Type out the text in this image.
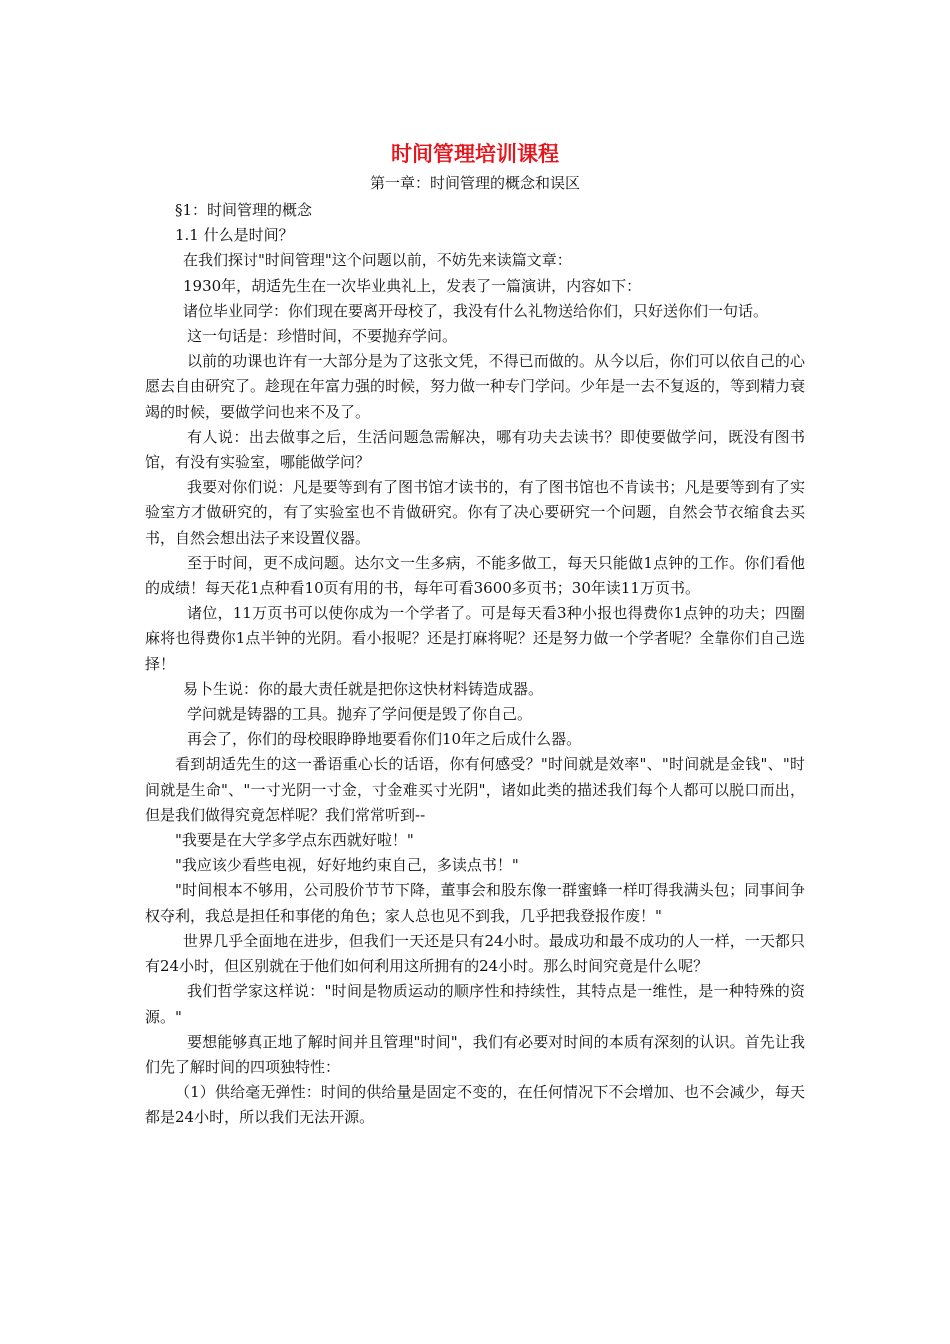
时间管理培训课程

第一章：时间管理的概念和误区

§1：时间管理的概念

1.1 什么是时间？

在我们探讨"时间管理"这个问题以前，不妨先来读篇文章：

1930年，胡适先生在一次毕业典礼上，发表了一篇演讲，内容如下：

诸位毕业同学：你们现在要离开母校了，我没有什么礼物送给你们，只好送你们一句话。

这一句话是：珍惜时间，不要抛弃学问。

以前的功课也许有一大部分是为了这张文凭，不得已而做的。从今以后，你们可以依自己的心愿去自由研究了。趁现在年富力强的时候，努力做一种专门学问。少年是一去不复返的，等到精力衰竭的时候，要做学问也来不及了。

有人说：出去做事之后，生活问题急需解决，哪有功夫去读书？即使要做学问，既没有图书馆，有没有实验室，哪能做学问？

我要对你们说：凡是要等到有了图书馆才读书的，有了图书馆也不肯读书；凡是要等到有了实验室方才做研究的，有了实验室也不肯做研究。你有了决心要研究一个问题，自然会节衣缩食去买书，自然会想出法子来设置仪器。

至于时间，更不成问题。达尔文一生多病，不能多做工，每天只能做1点钟的工作。你们看他的成绩！每天花1点种看10页有用的书，每年可看3600多页书；30年读11万页书。

诸位，11万页书可以使你成为一个学者了。可是每天看3种小报也得费你1点钟的功夫；四圈麻将也得费你1点半钟的光阴。看小报呢？还是打麻将呢？还是努力做一个学者呢？全靠你们自己选择！

易卜生说：你的最大责任就是把你这快材料铸造成器。

学问就是铸器的工具。抛弃了学问便是毁了你自己。

再会了，你们的母校眼睁睁地要看你们10年之后成什么器。

看到胡适先生的这一番语重心长的话语，你有何感受？"时间就是效率"、"时间就是金钱"、"时间就是生命"、"一寸光阴一寸金，寸金难买寸光阴"，诸如此类的描述我们每个人都可以脱口而出，但是我们做得究竟怎样呢？我们常常听到--

"我要是在大学多学点东西就好啦！"

"我应该少看些电视，好好地约束自己，多读点书！"

"时间根本不够用，公司股价节节下降，董事会和股东像一群蜜蜂一样叮得我满头包；同事间争权夺利，我总是担任和事佬的角色；家人总也见不到我，几乎把我登报作废！"

世界几乎全面地在进步，但我们一天还是只有24小时。最成功和最不成功的人一样，一天都只有24小时，但区别就在于他们如何利用这所拥有的24小时。那么时间究竟是什么呢？

我们哲学家这样说："时间是物质运动的顺序性和持续性，其特点是一维性，是一种特殊的资源。"

要想能够真正地了解时间并且管理"时间"，我们有必要对时间的本质有深刻的认识。首先让我们先了解时间的四项独特性：

（1）供给毫无弹性：时间的供给量是固定不变的，在任何情况下不会增加、也不会减少，每天都是24小时，所以我们无法开源。
